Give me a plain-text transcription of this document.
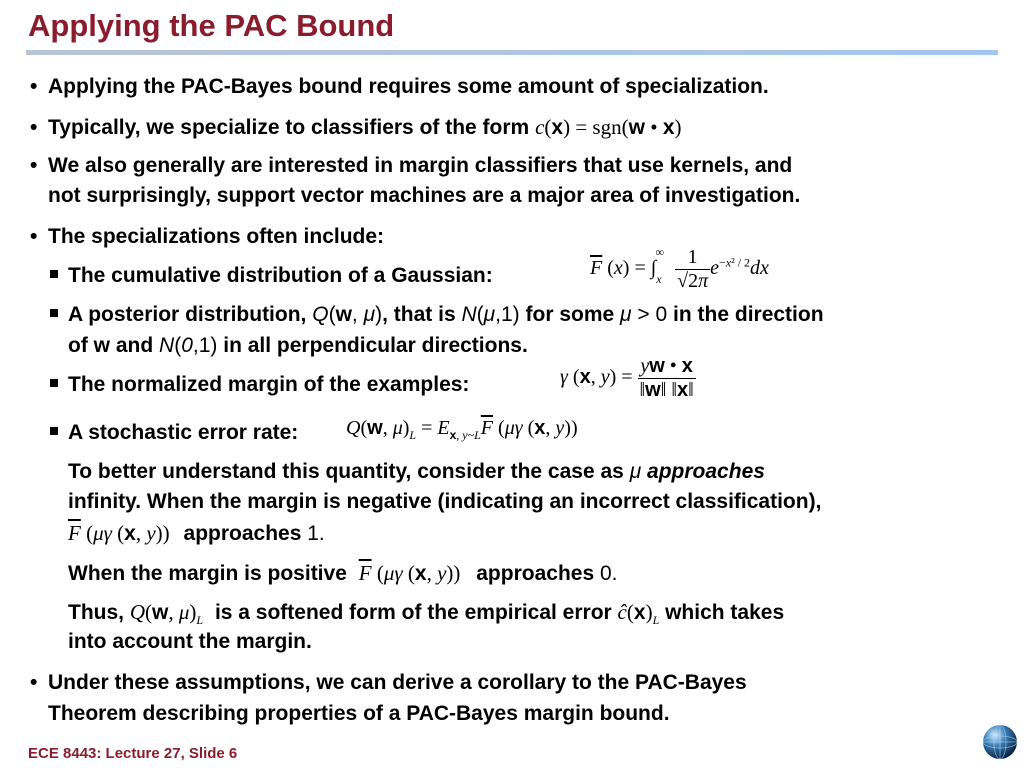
Applying the PAC Bound
• Applying the PAC-Bayes bound requires some amount of specialization.
• Typically, we specialize to classifiers of the form c(x) = sgn(w • x)
• We also generally are interested in margin classifiers that use kernels, and
not surprisingly, support vector machines are a major area of investigation.
• The specializations often include:
The cumulative distribution of a Gaussian:	$\overline{F}$ $(x) = \int_x^\infty \frac{1}{√2\pi} e^{-x^2 / 2}dx$
A posterior distribution, Q(w, μ), that is N(μ,1) for some μ > 0 in the direction
of w and N(0,1) in all perpendicular directions.
The normalized margin of the examples:	γ (x, $y) = \frac{yw • x}{‖w‖ ‖x‖}$
A stochastic error rate: Q(w, $\mu)_L = E_{x, y\sim L}\overline{F}$ (μγ (x, y))
To better understand this quantity, consider the case as μ approaches
infinity. When the margin is negative (indicating an incorrect classification),
$\overline{F}$ (μγ (x, y)) approaches 1.
When the margin is positive $\overline{F}$ (μγ (x, y)) approaches 0.
Thus, Q(w, $\mu)_L$ is a softened form of the empirical error $ĉ(x)_L$ which takes
into account the margin.
• Under these assumptions, we can derive a corollary to the PAC-Bayes
Theorem describing properties of a PAC-Bayes margin bound.
ECE 8443: Lecture 27, Slide 6
